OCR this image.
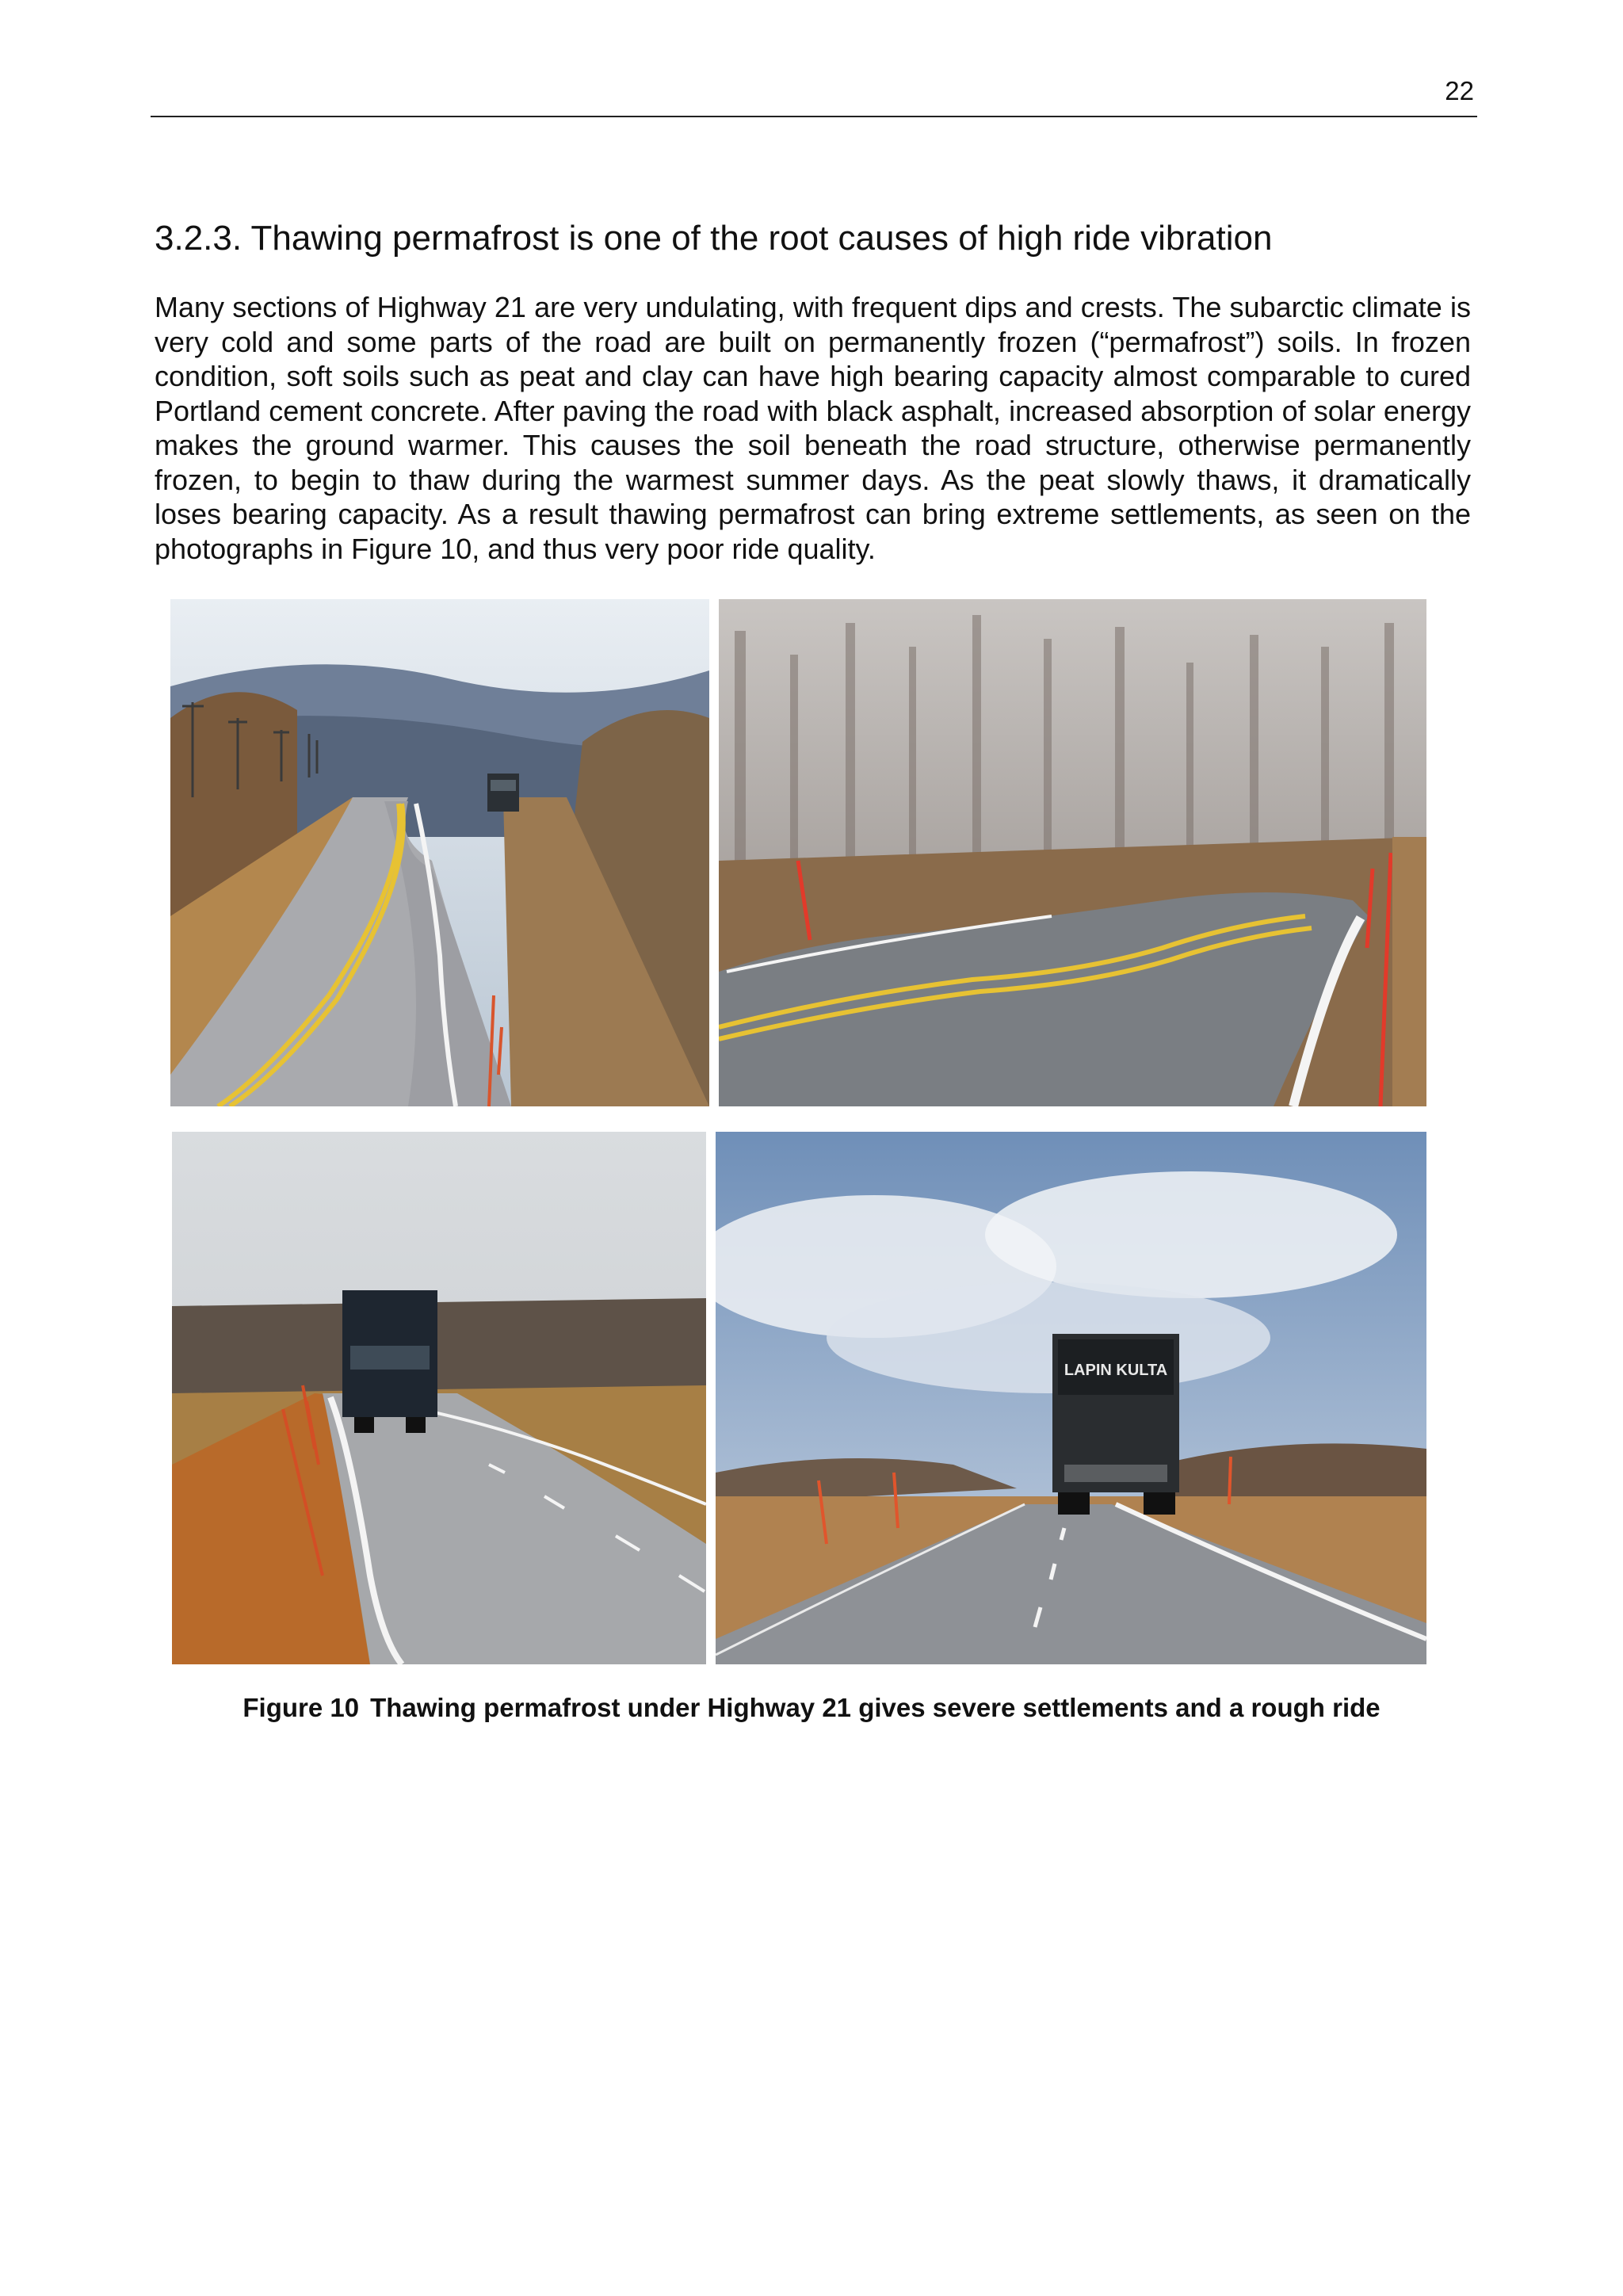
22
3.2.3. Thawing permafrost is one of the root causes of high ride vibration

Many sections of Highway 21 are very undulating, with frequent dips and crests. The subarctic climate is very cold and some parts of the road are built on permanently frozen (“permafrost”) soils. In frozen condition, soft soils such as peat and clay can have high bearing capacity almost comparable to cured Portland cement concrete. After paving the road with black asphalt, increased absorption of solar energy makes the ground warmer. This causes the soil beneath the road structure, otherwise permanently frozen, to begin to thaw during the warmest summer days. As the peat slowly thaws, it dramatically loses bearing capacity. As a result thawing permafrost can bring extreme settlements, as seen on the photographs in Figure 10, and thus very poor ride quality.

LAPIN KULTA
Figure 10 Thawing permafrost under Highway 21 gives severe settlements and a rough ride
